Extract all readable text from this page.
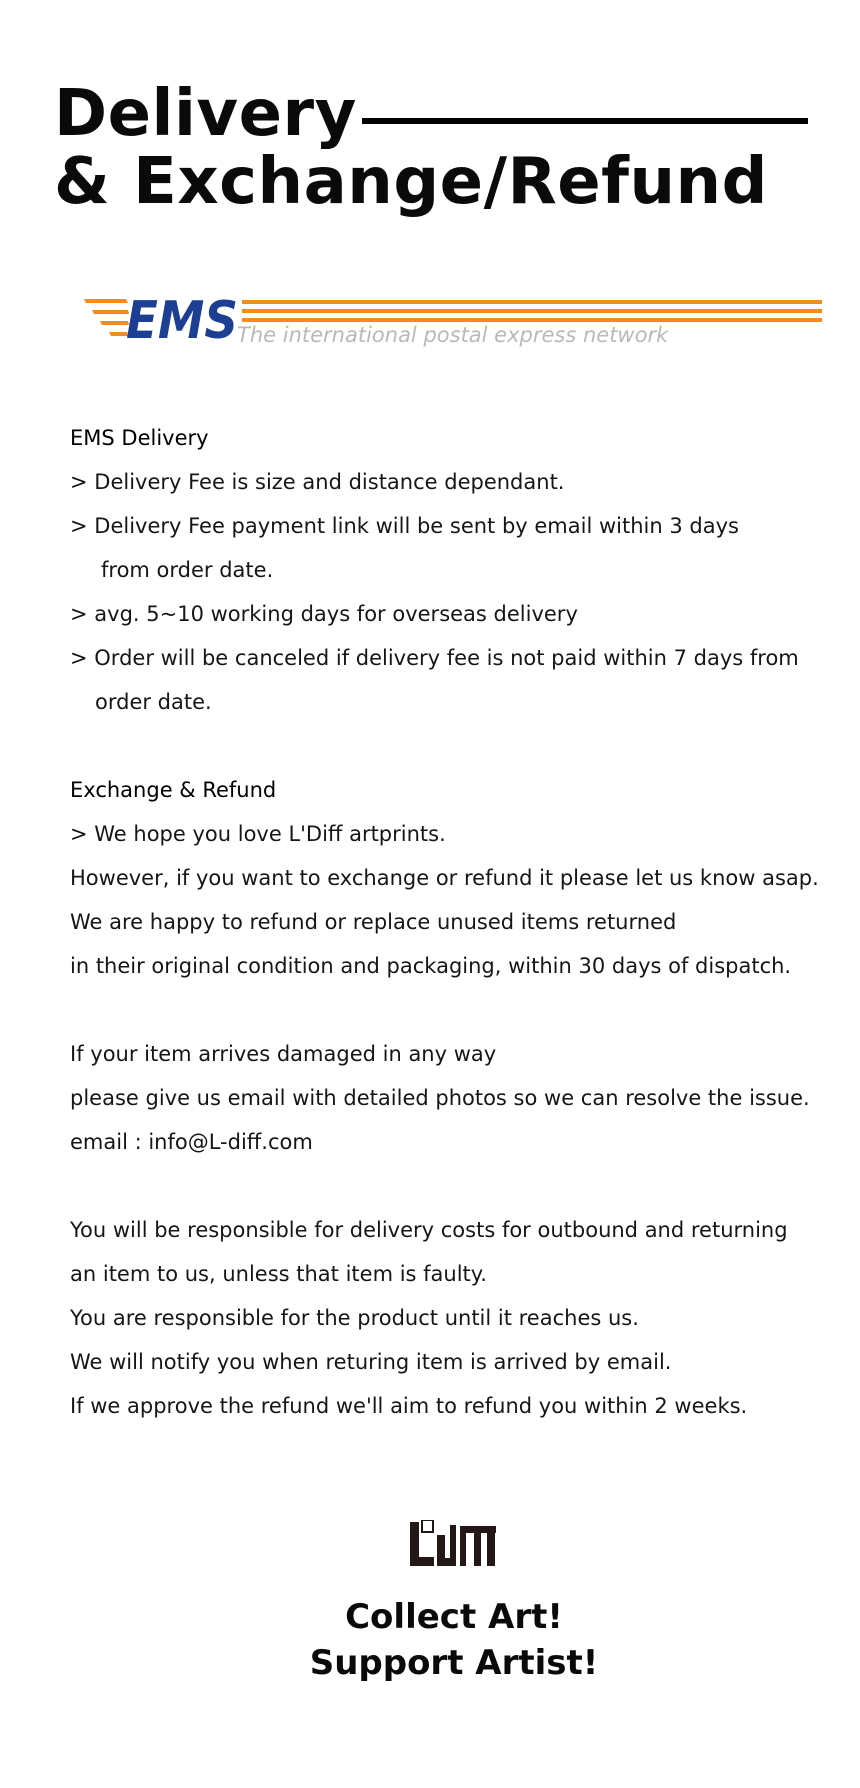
Delivery
& Exchange/Refund
EMS The international postal express network

EMS Delivery

> Delivery Fee is size and distance dependant.

> Delivery Fee payment link will be sent by email within 3 days

from order date.

> avg. 5~10 working days for overseas delivery

> Order will be canceled if delivery fee is not paid within 7 days from

order date.

Exchange & Refund

> We hope you love L'Diff artprints.

However, if you want to exchange or refund it please let us know asap.

We are happy to refund or replace unused items returned

in their original condition and packaging, within 30 days of dispatch.

If your item arrives damaged in any way

please give us email with detailed photos so we can resolve the issue.

email : info@L-diff.com

You will be responsible for delivery costs for outbound and returning

an item to us, unless that item is faulty.

You are responsible for the product until it reaches us.

We will notify you when returing item is arrived by email.

If we approve the refund we'll aim to refund you within 2 weeks.

Collect Art!
Support Artist!
